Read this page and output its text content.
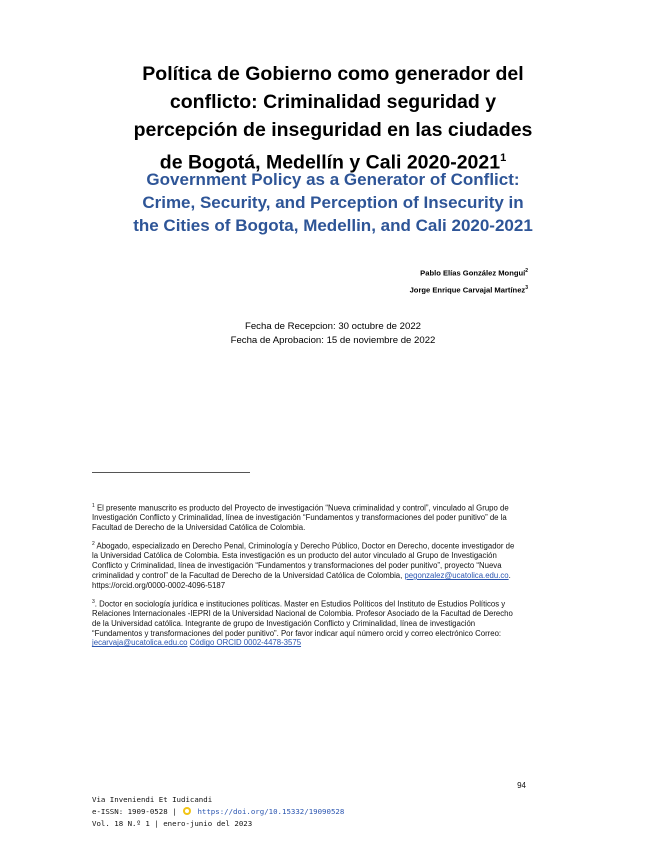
Política de Gobierno como generador del
conflicto: Criminalidad seguridad y
percepción de inseguridad en las ciudades
de Bogotá, Medellín y Cali 2020-2021$^1$
Government Policy as a Generator of Conflict:
Crime, Security, and Perception of Insecurity in
the Cities of Bogota, Medellin, and Cali 2020-2021
Pablo Elías González Monguí$^2$
Jorge Enrique Carvajal Martínez$^3$
Fecha de Recepcion: 30 octubre de 2022
Fecha de Aprobacion: 15 de noviembre de 2022

$^1$ El presente manuscrito es producto del Proyecto de investigación “Nueva criminalidad y control”, vinculado al Grupo de Investigación Conflicto y Criminalidad, línea de investigación “Fundamentos y transformaciones del poder punitivo” de la Facultad de Derecho de la Universidad Católica de Colombia.

$^2$ Abogado, especializado en Derecho Penal, Criminología y Derecho Público, Doctor en Derecho, docente investigador de la Universidad Católica de Colombia. Esta investigación es un producto del autor vinculado al Grupo de Investigación Conflicto y Criminalidad, línea de investigación “Fundamentos y transformaciones del poder punitivo”, proyecto “Nueva criminalidad y control” de la Facultad de Derecho de la Universidad Católica de Colombia, pegonzalez@ucatolica.edu.co.
https://orcid.org/0000-0002-4096-5187

$^3$. Doctor en sociología jurídica e instituciones políticas. Master en Estudios Políticos del Instituto de Estudios Políticos y Relaciones Internacionales -IEPRI de la Universidad Nacional de Colombia. Profesor Asociado de la Facultad de Derecho de la Universidad católica. Integrante de grupo de Investigación Conflicto y Criminalidad, línea de investigación “Fundamentos y transformaciones del poder punitivo”. Por favor indicar aquí número orcid y correo electrónico Correo:
jecarvaja@ucatolica.edu.co Código ORCID 0002-4478-3575

94
Via Inveniendi Et Iudicandi
e-ISSN: 1909-0528 |  https://doi.org/10.15332/19090528
Vol. 18 N.º 1 | enero-junio del 2023
